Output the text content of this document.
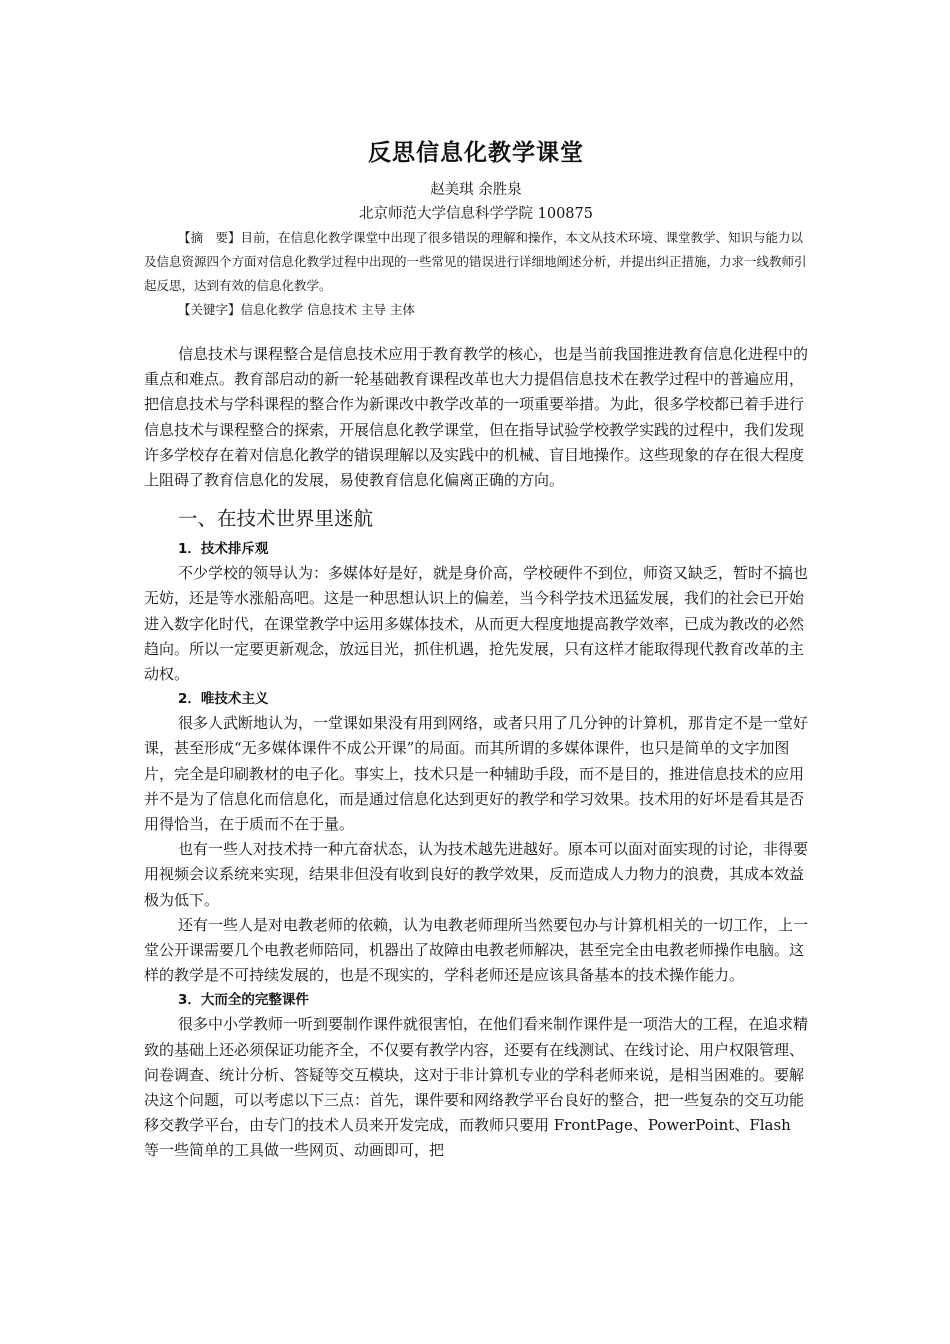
反思信息化教学课堂
赵美琪 余胜泉
北京师范大学信息科学学院 100875

【摘　要】目前，在信息化教学课堂中出现了很多错误的理解和操作，本文从技术环境、课堂教学、知识与能力以及信息资源四个方面对信息化教学过程中出现的一些常见的错误进行详细地阐述分析，并提出纠正措施，力求一线教师引起反思，达到有效的信息化教学。

【关键字】信息化教学 信息技术 主导 主体

信息技术与课程整合是信息技术应用于教育教学的核心，也是当前我国推进教育信息化进程中的重点和难点。教育部启动的新一轮基础教育课程改革也大力提倡信息技术在教学过程中的普遍应用，把信息技术与学科课程的整合作为新课改中教学改革的一项重要举措。为此，很多学校都已着手进行信息技术与课程整合的探索，开展信息化教学课堂，但在指导试验学校教学实践的过程中，我们发现许多学校存在着对信息化教学的错误理解以及实践中的机械、盲目地操作。这些现象的存在很大程度上阻碍了教育信息化的发展，易使教育信息化偏离正确的方向。

一、在技术世界里迷航
1．技术排斥观

不少学校的领导认为：多媒体好是好，就是身价高，学校硬件不到位，师资又缺乏，暂时不搞也无妨，还是等水涨船高吧。这是一种思想认识上的偏差，当今科学技术迅猛发展，我们的社会已开始进入数字化时代，在课堂教学中运用多媒体技术，从而更大程度地提高教学效率，已成为教改的必然趋向。所以一定要更新观念，放远目光，抓住机遇，抢先发展，只有这样才能取得现代教育改革的主动权。

2．唯技术主义

很多人武断地认为，一堂课如果没有用到网络，或者只用了几分钟的计算机，那肯定不是一堂好课，甚至形成“无多媒体课件不成公开课”的局面。而其所谓的多媒体课件，也只是简单的文字加图片，完全是印刷教材的电子化。事实上，技术只是一种辅助手段，而不是目的，推进信息技术的应用并不是为了信息化而信息化，而是通过信息化达到更好的教学和学习效果。技术用的好坏是看其是否用得恰当，在于质而不在于量。

也有一些人对技术持一种亢奋状态，认为技术越先进越好。原本可以面对面实现的讨论，非得要用视频会议系统来实现，结果非但没有收到良好的教学效果，反而造成人力物力的浪费，其成本效益极为低下。

还有一些人是对电教老师的依赖，认为电教老师理所当然要包办与计算机相关的一切工作，上一堂公开课需要几个电教老师陪同，机器出了故障由电教老师解决，甚至完全由电教老师操作电脑。这样的教学是不可持续发展的，也是不现实的，学科老师还是应该具备基本的技术操作能力。

3．大而全的完整课件

很多中小学教师一听到要制作课件就很害怕，在他们看来制作课件是一项浩大的工程，在追求精致的基础上还必须保证功能齐全，不仅要有教学内容，还要有在线测试、在线讨论、用户权限管理、问卷调查、统计分析、答疑等交互模块，这对于非计算机专业的学科老师来说，是相当困难的。要解决这个问题，可以考虑以下三点：首先，课件要和网络教学平台良好的整合，把一些复杂的交互功能移交教学平台，由专门的技术人员来开发完成，而教师只要用 FrontPage、PowerPoint、Flash 等一些简单的工具做一些网页、动画即可，把
